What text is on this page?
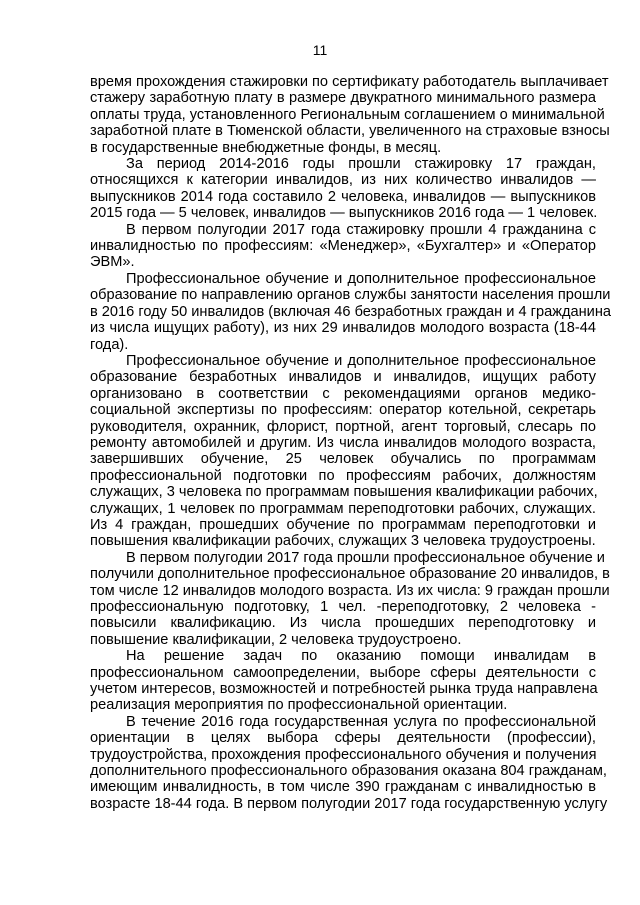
11

время прохождения стажировки по сертификату работодатель выплачивает
стажеру заработную плату в размере двукратного минимального размера
оплаты труда, установленного Региональным соглашением о минимальной
заработной плате в Тюменской области, увеличенного на страховые взносы
в государственные внебюджетные фонды, в месяц.

За период 2014-2016 годы прошли стажировку 17 граждан,
относящихся к категории инвалидов, из них количество инвалидов —
выпускников 2014 года составило 2 человека, инвалидов — выпускников
2015 года — 5 человек, инвалидов — выпускников 2016 года — 1 человек.

В первом полугодии 2017 года стажировку прошли 4 гражданина с
инвалидностью по профессиям: «Менеджер», «Бухгалтер» и «Оператор
ЭВМ».

Профессиональное обучение и дополнительное профессиональное
образование по направлению органов службы занятости населения прошли
в 2016 году 50 инвалидов (включая 46 безработных граждан и 4 гражданина
из числа ищущих работу), из них 29 инвалидов молодого возраста (18-44
года).

Профессиональное обучение и дополнительное профессиональное
образование безработных инвалидов и инвалидов, ищущих работу
организовано в соответствии с рекомендациями органов медико-
социальной экспертизы по профессиям: оператор котельной, секретарь
руководителя, охранник, флорист, портной, агент торговый, слесарь по
ремонту автомобилей и другим. Из числа инвалидов молодого возраста,
завершивших обучение, 25 человек обучались по программам
профессиональной подготовки по профессиям рабочих, должностям
служащих, 3 человека по программам повышения квалификации рабочих,
служащих, 1 человек по программам переподготовки рабочих, служащих.
Из 4 граждан, прошедших обучение по программам переподготовки и
повышения квалификации рабочих, служащих 3 человека трудоустроены.

В первом полугодии 2017 года прошли профессиональное обучение и
получили дополнительное профессиональное образование 20 инвалидов, в
том числе 12 инвалидов молодого возраста. Из их числа: 9 граждан прошли
профессиональную подготовку, 1 чел. -переподготовку, 2 человека -
повысили квалификацию. Из числа прошедших переподготовку и
повышение квалификации, 2 человека трудоустроено.

На решение задач по оказанию помощи инвалидам в
профессиональном самоопределении, выборе сферы деятельности с
учетом интересов, возможностей и потребностей рынка труда направлена
реализация мероприятия по профессиональной ориентации.

В течение 2016 года государственная услуга по профессиональной
ориентации в целях выбора сферы деятельности (профессии),
трудоустройства, прохождения профессионального обучения и получения
дополнительного профессионального образования оказана 804 гражданам,
имеющим инвалидность, в том числе 390 гражданам с инвалидностью в
возрасте 18-44 года. В первом полугодии 2017 года государственную услугу
